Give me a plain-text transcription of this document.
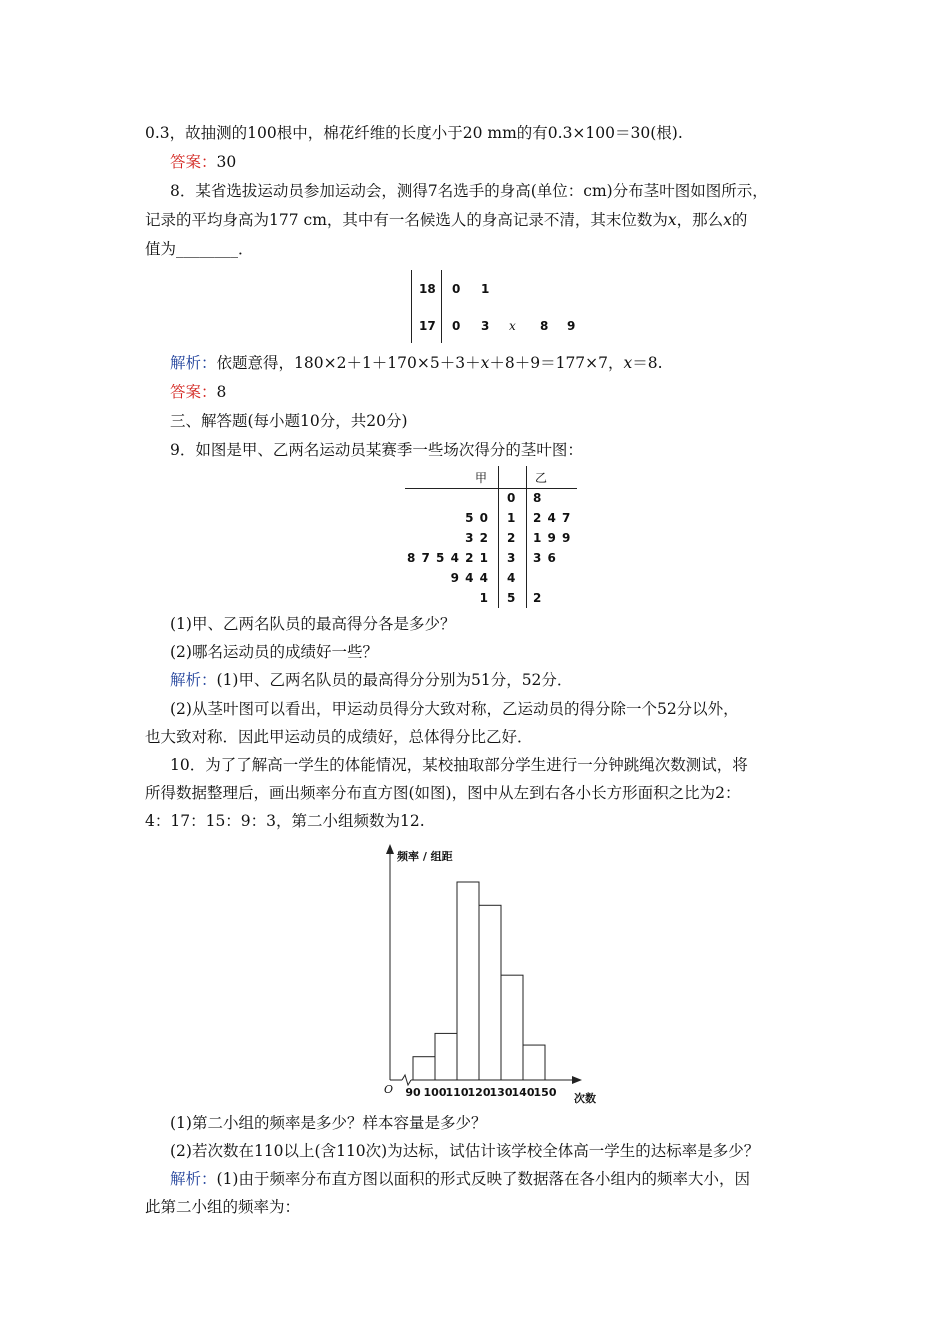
0.3，故抽测的100根中，棉花纤维的长度小于20 mm的有0.3×100＝30(根).
答案：30
8．某省选拔运动员参加运动会，测得7名选手的身高(单位：cm)分布茎叶图如图所示，
记录的平均身高为177 cm，其中有一名候选人的身高记录不清，其末位数为x，那么x的
值为________．
18 0 1
17 0 3 x 8 9
解析：依题意得，180×2＋1＋170×5＋3＋x＋8＋9＝177×7，x＝8.
答案：8
三、解答题(每小题10分，共20分)
9．如图是甲、乙两名运动员某赛季一些场次得分的茎叶图：
甲	乙
0 8
5 0 1 2 4 7
3 2 2 1 9 9
8 7 5 4 2 1 3 3 6
9 4 4 4
1 5 2
(1)甲、乙两名队员的最高得分各是多少？
(2)哪名运动员的成绩好一些？
解析：(1)甲、乙两名队员的最高得分分别为51分，52分．
(2)从茎叶图可以看出，甲运动员得分大致对称，乙运动员的得分除一个52分以外，
也大致对称．因此甲运动员的成绩好，总体得分比乙好．
10．为了了解高一学生的体能情况，某校抽取部分学生进行一分钟跳绳次数测试，将
所得数据整理后，画出频率分布直方图(如图)，图中从左到右各小长方形面积之比为2：
4：17：15：9：3，第二小组频数为12.
90 100 110 120 130 140 150
频率 / 组距
次数
O
(1)第二小组的频率是多少？样本容量是多少？
(2)若次数在110以上(含110次)为达标，试估计该学校全体高一学生的达标率是多少？
解析：(1)由于频率分布直方图以面积的形式反映了数据落在各小组内的频率大小，因
此第二小组的频率为：
